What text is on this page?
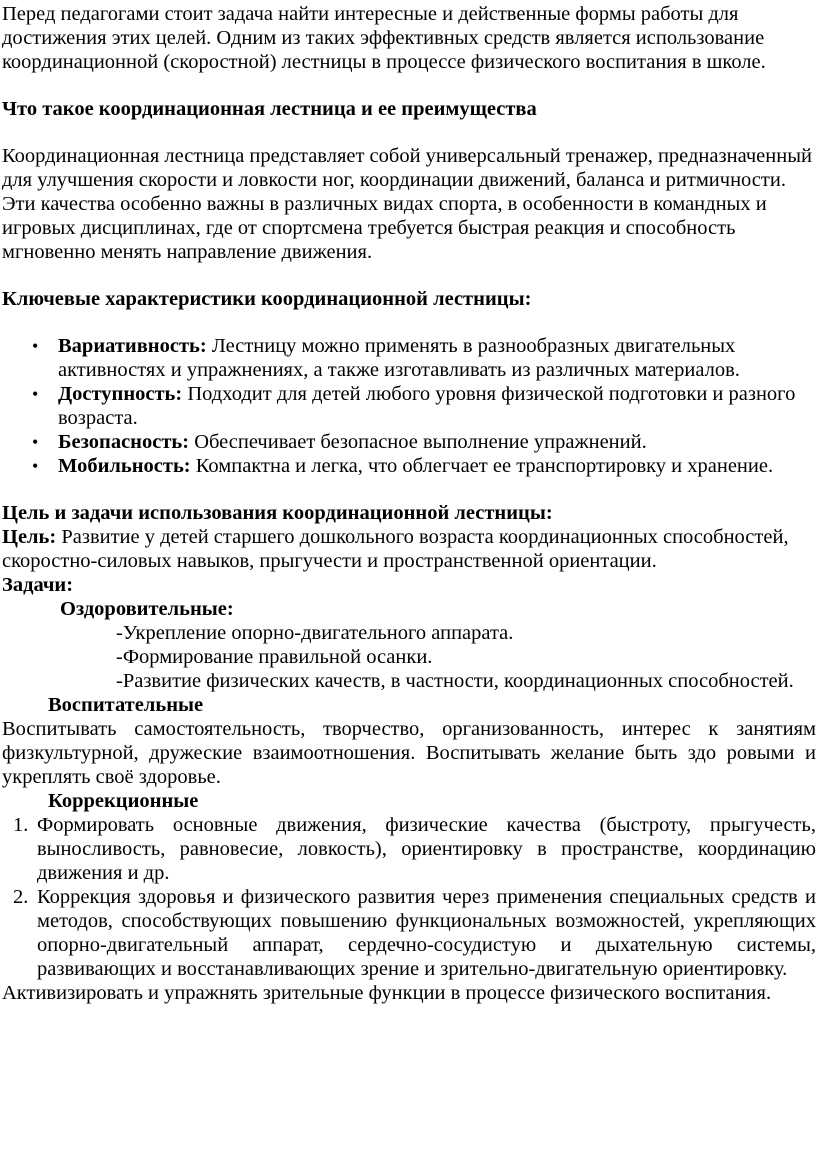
Перед педагогами стоит задача найти интересные и действенные формы работы для достижения этих целей. Одним из таких эффективных средств является использование координационной (скоростной) лестницы в процессе физического воспитания в школе.

Что такое координационная лестница и ее преимущества

Координационная лестница представляет собой универсальный тренажер, предназначенный для улучшения скорости и ловкости ног, координации движений, баланса и ритмичности. Эти качества особенно важны в различных видах спорта, в особенности в командных и игровых дисциплинах, где от спортсмена требуется быстрая реакция и способность мгновенно менять направление движения.

Ключевые характеристики координационной лестницы:

• Вариативность: Лестницу можно применять в разнообразных двигательных активностях и упражнениях, а также изготавливать из различных материалов.
• Доступность: Подходит для детей любого уровня физической подготовки и разного возраста.
• Безопасность: Обеспечивает безопасное выполнение упражнений.
• Мобильность: Компактна и легка, что облегчает ее транспортировку и хранение.

Цель и задачи использования координационной лестницы:

Цель: Развитие у детей старшего дошкольного возраста координационных способностей, скоростно-силовых навыков, прыгучести и пространственной ориентации.

Задачи:

Оздоровительные:

-Укрепление опорно-двигательного аппарата.

-Формирование правильной осанки.

-Развитие физических качеств, в частности, координационных способностей.

Воспитательные

Воспитывать самостоятельность, творчество, организованность, интерес к занятиям физкультурной, дружеские взаимоотношения. Воспитывать желание быть здо ровыми и укреплять своё здоровье.

Коррекционные

1. Формировать основные движения, физические качества (быстроту, прыгучесть, выносливость, равновесие, ловкость), ориентировку в пространстве, координацию движения и др.
2. Коррекция здоровья и физического развития через применения специальных средств и методов, способствующих повышению функциональных возможностей, укрепляющих опорно-двигательный аппарат, сердечно-сосудистую и дыхательную системы, развивающих и восстанавливающих зрение и зрительно-двигательную ориентировку.

Активизировать и упражнять зрительные функции в процессе физического воспитания.
